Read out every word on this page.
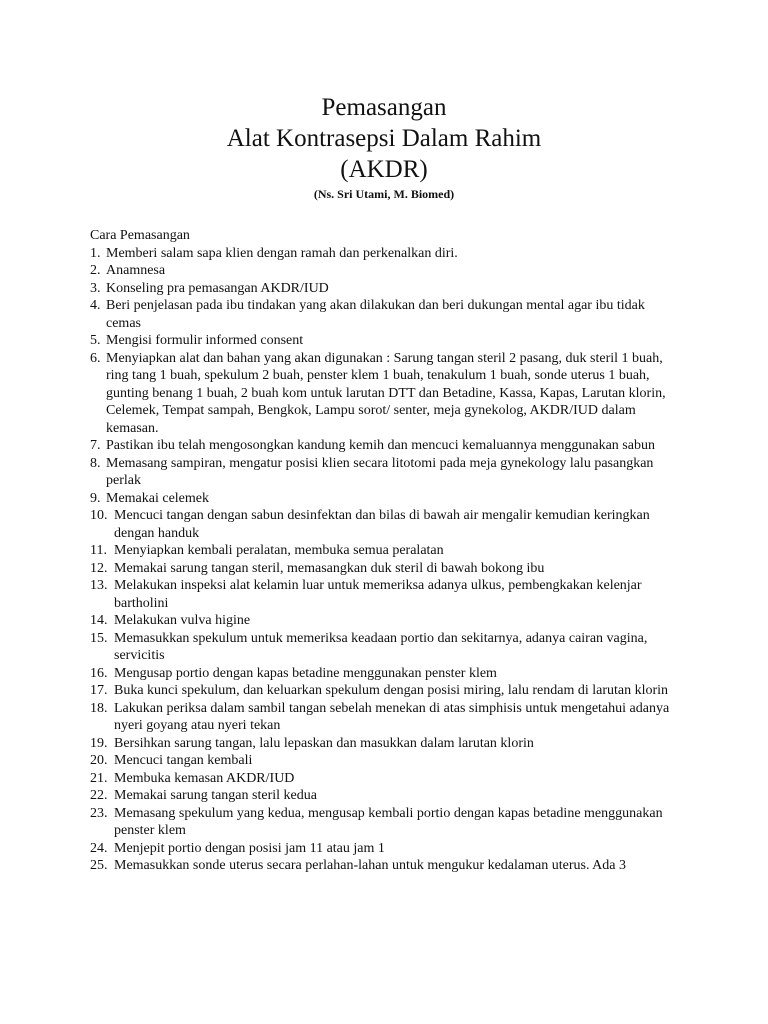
Pemasangan
Alat Kontrasepsi Dalam Rahim
(AKDR)
(Ns. Sri Utami, M. Biomed)
Cara Pemasangan
1. Memberi salam sapa klien dengan ramah dan perkenalkan diri.
2. Anamnesa
3. Konseling pra pemasangan AKDR/IUD
4. Beri penjelasan pada ibu tindakan yang akan dilakukan dan beri dukungan mental agar ibu tidak cemas
5. Mengisi formulir informed consent
6. Menyiapkan alat dan bahan yang akan digunakan : Sarung tangan steril 2 pasang, duk steril 1 buah, ring tang 1 buah, spekulum 2 buah, penster klem 1 buah, tenakulum 1 buah, sonde uterus 1 buah, gunting benang 1 buah, 2 buah kom untuk larutan DTT dan Betadine, Kassa, Kapas, Larutan klorin, Celemek, Tempat sampah, Bengkok, Lampu sorot/ senter, meja gynekolog, AKDR/IUD dalam kemasan.
7. Pastikan ibu telah mengosongkan kandung kemih dan mencuci kemaluannya menggunakan sabun
8. Memasang sampiran, mengatur posisi klien secara litotomi pada meja gynekology lalu pasangkan perlak
9. Memakai celemek
10. Mencuci tangan dengan sabun desinfektan dan bilas di bawah air mengalir kemudian keringkan dengan handuk
11. Menyiapkan kembali peralatan, membuka semua peralatan
12. Memakai sarung tangan steril, memasangkan duk steril di bawah bokong ibu
13. Melakukan inspeksi alat kelamin luar untuk memeriksa adanya ulkus, pembengkakan kelenjar bartholini
14. Melakukan vulva higine
15. Memasukkan spekulum untuk memeriksa keadaan portio dan sekitarnya, adanya cairan vagina, servicitis
16. Mengusap portio dengan kapas betadine menggunakan penster klem
17. Buka kunci spekulum, dan keluarkan spekulum dengan posisi miring, lalu rendam di larutan klorin
18. Lakukan periksa dalam sambil tangan sebelah menekan di atas simphisis untuk mengetahui adanya nyeri goyang atau nyeri tekan
19. Bersihkan sarung tangan, lalu lepaskan dan masukkan dalam larutan klorin
20. Mencuci tangan kembali
21. Membuka kemasan AKDR/IUD
22. Memakai sarung tangan steril kedua
23. Memasang spekulum yang kedua, mengusap kembali portio dengan kapas betadine menggunakan penster klem
24. Menjepit portio dengan posisi jam 11 atau jam 1
25. Memasukkan sonde uterus secara perlahan-lahan untuk mengukur kedalaman uterus. Ada 3
